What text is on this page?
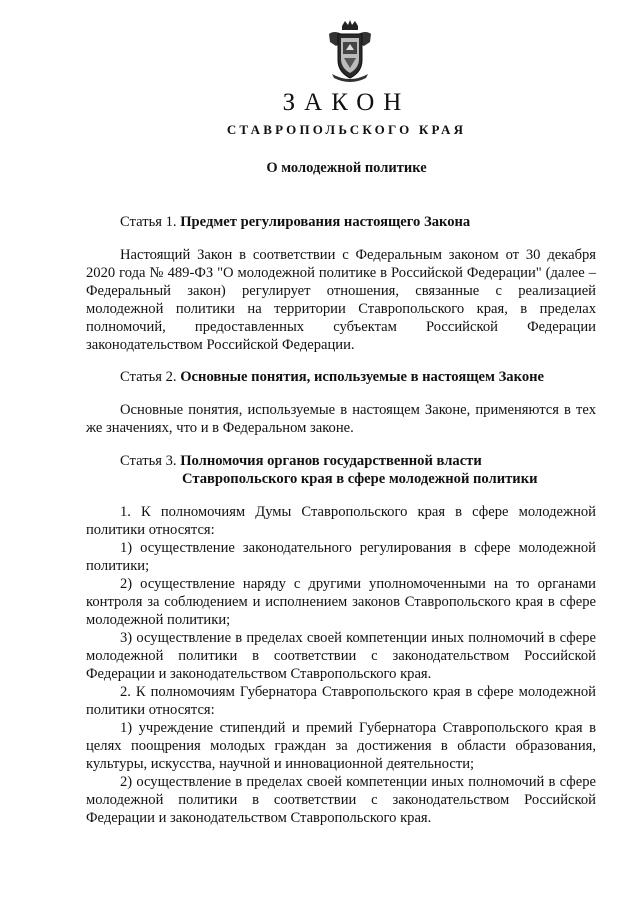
ЗАКОН
СТАВРОПОЛЬСКОГО КРАЯ
О молодежной политике
Статья 1. Предмет регулирования настоящего Закона

Настоящий Закон в соответствии с Федеральным законом от 30 декабря 2020 года № 489-ФЗ "О молодежной политике в Российской Федерации" (далее – Федеральный закон) регулирует отношения, связанные с реализацией молодежной политики на территории Ставропольского края, в пределах полномочий, предоставленных субъектам Российской Федерации законодательством Российской Федерации.

Статья 2. Основные понятия, используемые в настоящем Законе

Основные понятия, используемые в настоящем Законе, применяются в тех же значениях, что и в Федеральном законе.

Статья 3. Полномочия органов государственной власти
Ставропольского края в сфере молодежной политики

1. К полномочиям Думы Ставропольского края в сфере молодежной политики относятся:

1) осуществление законодательного регулирования в сфере молодежной политики;

2) осуществление наряду с другими уполномоченными на то органами контроля за соблюдением и исполнением законов Ставропольского края в сфере молодежной политики;

3) осуществление в пределах своей компетенции иных полномочий в сфере молодежной политики в соответствии с законодательством Российской Федерации и законодательством Ставропольского края.

2. К полномочиям Губернатора Ставропольского края в сфере молодежной политики относятся:

1) учреждение стипендий и премий Губернатора Ставропольского края в целях поощрения молодых граждан за достижения в области образования, культуры, искусства, научной и инновационной деятельности;

2) осуществление в пределах своей компетенции иных полномочий в сфере молодежной политики в соответствии с законодательством Российской Федерации и законодательством Ставропольского края.
